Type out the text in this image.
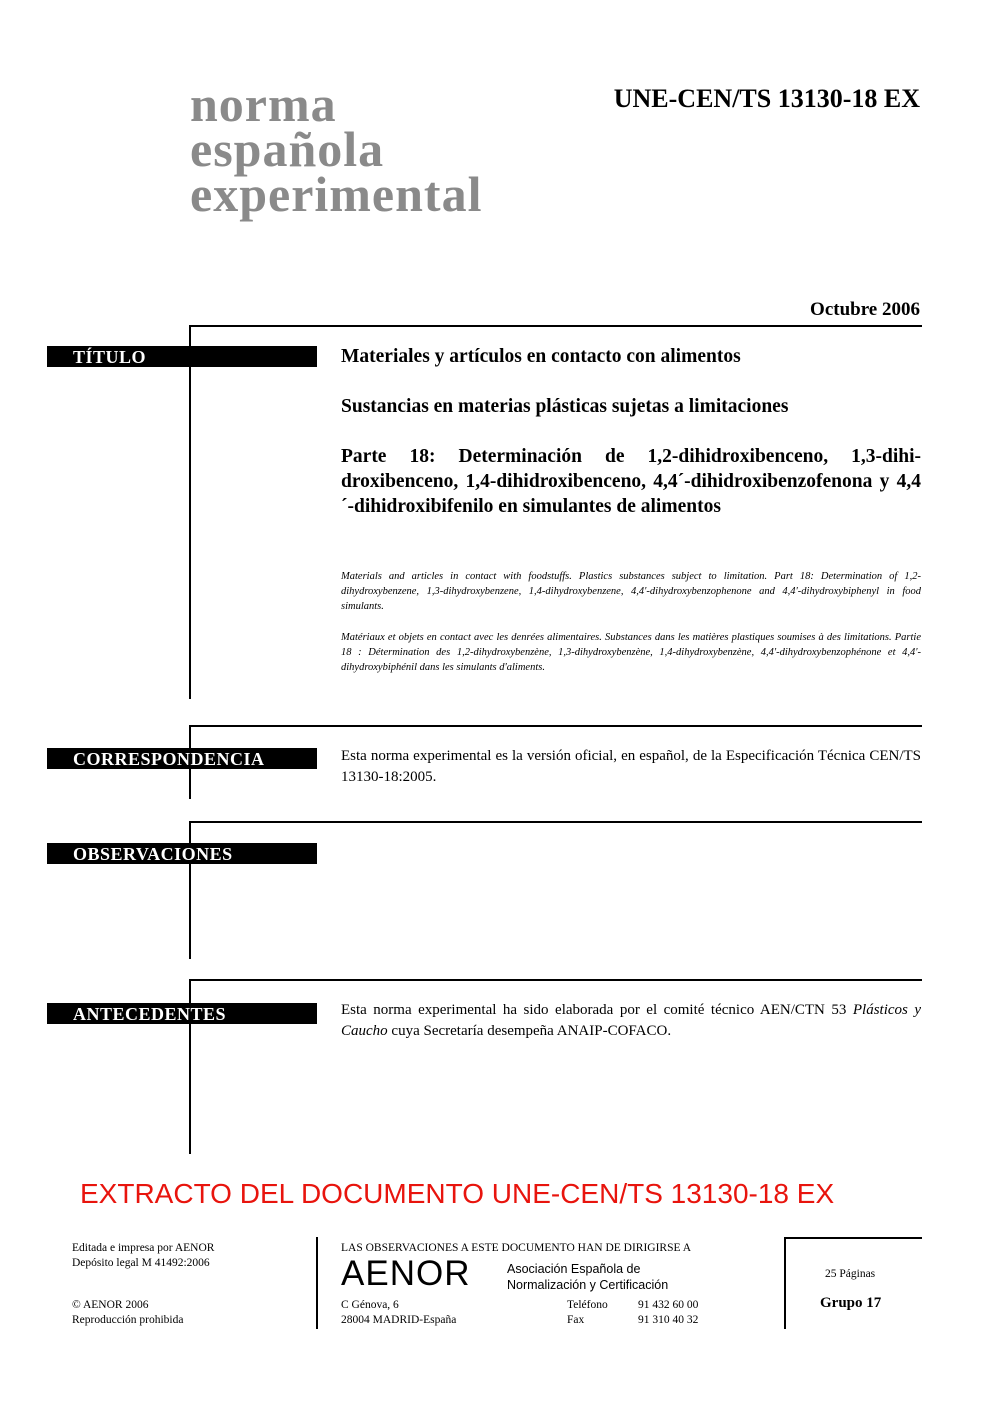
norma
española
experimental
UNE-CEN/TS 13130-18 EX
Octubre 2006
TÍTULO	Materiales y artículos en contacto con alimentos
Sustancias en materias plásticas sujetas a limitaciones
Parte 18: Determinación de 1,2-dihidroxibenceno, 1,3-dihi-droxibenceno, 1,4-dihidroxibenceno, 4,4´-dihidroxibenzofenona y 4,4´-dihidroxibifenilo en simulantes de alimentos
Materials and articles in contact with foodstuffs. Plastics substances subject to limitation. Part 18: Determination of 1,2-dihydroxybenzene, 1,3-dihydroxybenzene, 1,4-dihydroxybenzene, 4,4'-dihydroxybenzophenone and 4,4'-dihydroxybiphenyl in food simulants.
Matériaux et objets en contact avec les denrées alimentaires. Substances dans les matières plastiques soumises à des limitations. Partie 18 : Détermination des 1,2-dihydroxybenzène, 1,3-dihydroxybenzène, 1,4-dihydroxybenzène, 4,4'-dihydroxybenzophénone et 4,4'-dihydroxybiphénil dans les simulants d'aliments.
CORRESPONDENCIA	Esta norma experimental es la versión oficial, en español, de la Especificación Técnica CEN/TS 13130-18:2005.
OBSERVACIONES
ANTECEDENTES	Esta norma experimental ha sido elaborada por el comité técnico AEN/CTN 53 Plásticos y Caucho cuya Secretaría desempeña ANAIP-COFACO.
EXTRACTO DEL DOCUMENTO UNE-CEN/TS 13130-18 EX
Editada e impresa por AENOR
Depósito legal M 41492:2006
© AENOR 2006
Reproducción prohibida
LAS OBSERVACIONES A ESTE DOCUMENTO HAN DE DIRIGIRSE A
AENOR	Asociación Española de
Normalización y Certificación
C Génova, 6
28004 MADRID-España
Teléfono	91 432 60 00
Fax	91 310 40 32
25 Páginas
Grupo 17
